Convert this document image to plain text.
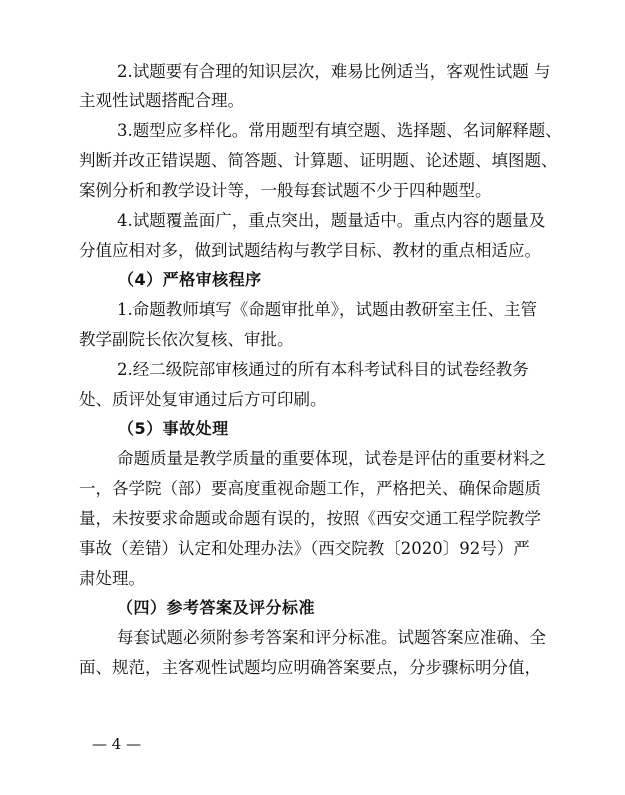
2.试题要有合理的知识层次，难易比例适当，客观性试题 与
主观性试题搭配合理。
3.题型应多样化。常用题型有填空题、选择题、名词解释题、
判断并改正错误题、简答题、计算题、证明题、论述题、填图题、
案例分析和教学设计等，一般每套试题不少于四种题型。
4.试题覆盖面广，重点突出，题量适中。重点内容的题量及
分值应相对多，做到试题结构与教学目标、教材的重点相适应。
（4）严格审核程序
1.命题教师填写《命题审批单》，试题由教研室主任、主管
教学副院长依次复核、审批。
2.经二级院部审核通过的所有本科考试科目的试卷经教务
处、质评处复审通过后方可印刷。
（5）事故处理
命题质量是教学质量的重要体现，试卷是评估的重要材料之
一，各学院（部）要高度重视命题工作，严格把关、确保命题质
量，未按要求命题或命题有误的，按照《西安交通工程学院教学
事故（差错）认定和处理办法》（西交院教〔2020〕92号）严
肃处理。
（四）参考答案及评分标准
每套试题必须附参考答案和评分标准。试题答案应准确、全
面、规范，主客观性试题均应明确答案要点，分步骤标明分值，
— 4 —
